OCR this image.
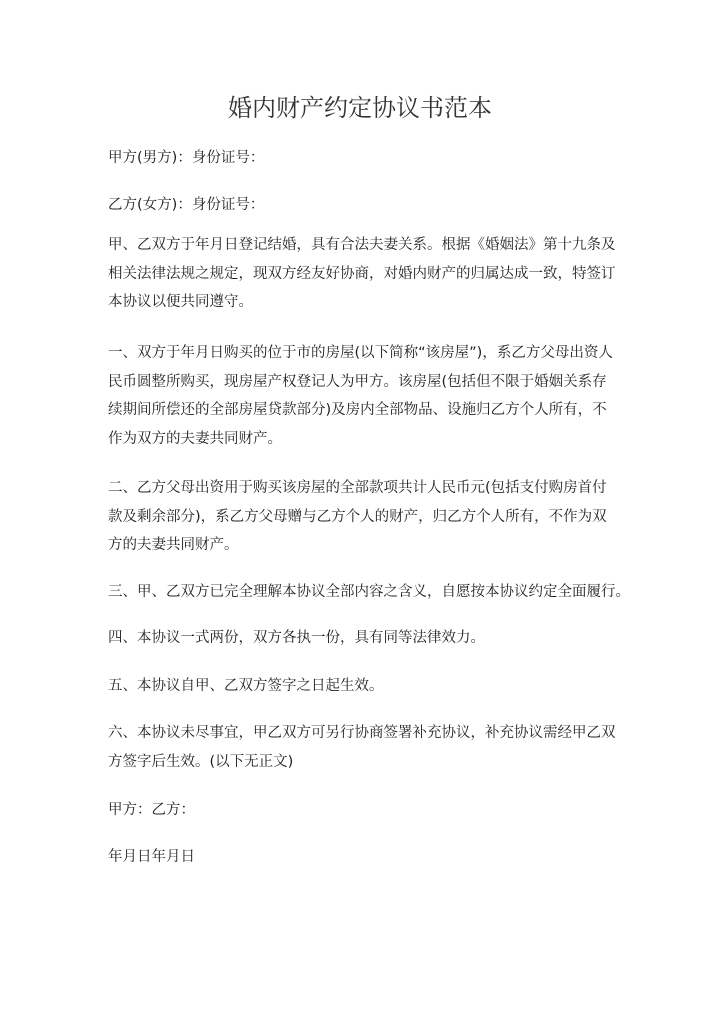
婚内财产约定协议书范本
甲方(男方)：身份证号：
乙方(女方)：身份证号：
甲、乙双方于年月日登记结婚，具有合法夫妻关系。根据《婚姻法》第十九条及
相关法律法规之规定，现双方经友好协商，对婚内财产的归属达成一致，特签订
本协议以便共同遵守。
一、双方于年月日购买的位于市的房屋(以下简称“该房屋”)，系乙方父母出资人
民币圆整所购买，现房屋产权登记人为甲方。该房屋(包括但不限于婚姻关系存
续期间所偿还的全部房屋贷款部分)及房内全部物品、设施归乙方个人所有，不
作为双方的夫妻共同财产。
二、乙方父母出资用于购买该房屋的全部款项共计人民币元(包括支付购房首付
款及剩余部分)，系乙方父母赠与乙方个人的财产，归乙方个人所有，不作为双
方的夫妻共同财产。
三、甲、乙双方已完全理解本协议全部内容之含义，自愿按本协议约定全面履行。
四、本协议一式两份，双方各执一份，具有同等法律效力。
五、本协议自甲、乙双方签字之日起生效。
六、本协议未尽事宜，甲乙双方可另行协商签署补充协议，补充协议需经甲乙双
方签字后生效。(以下无正文)
甲方：乙方：
年月日年月日
